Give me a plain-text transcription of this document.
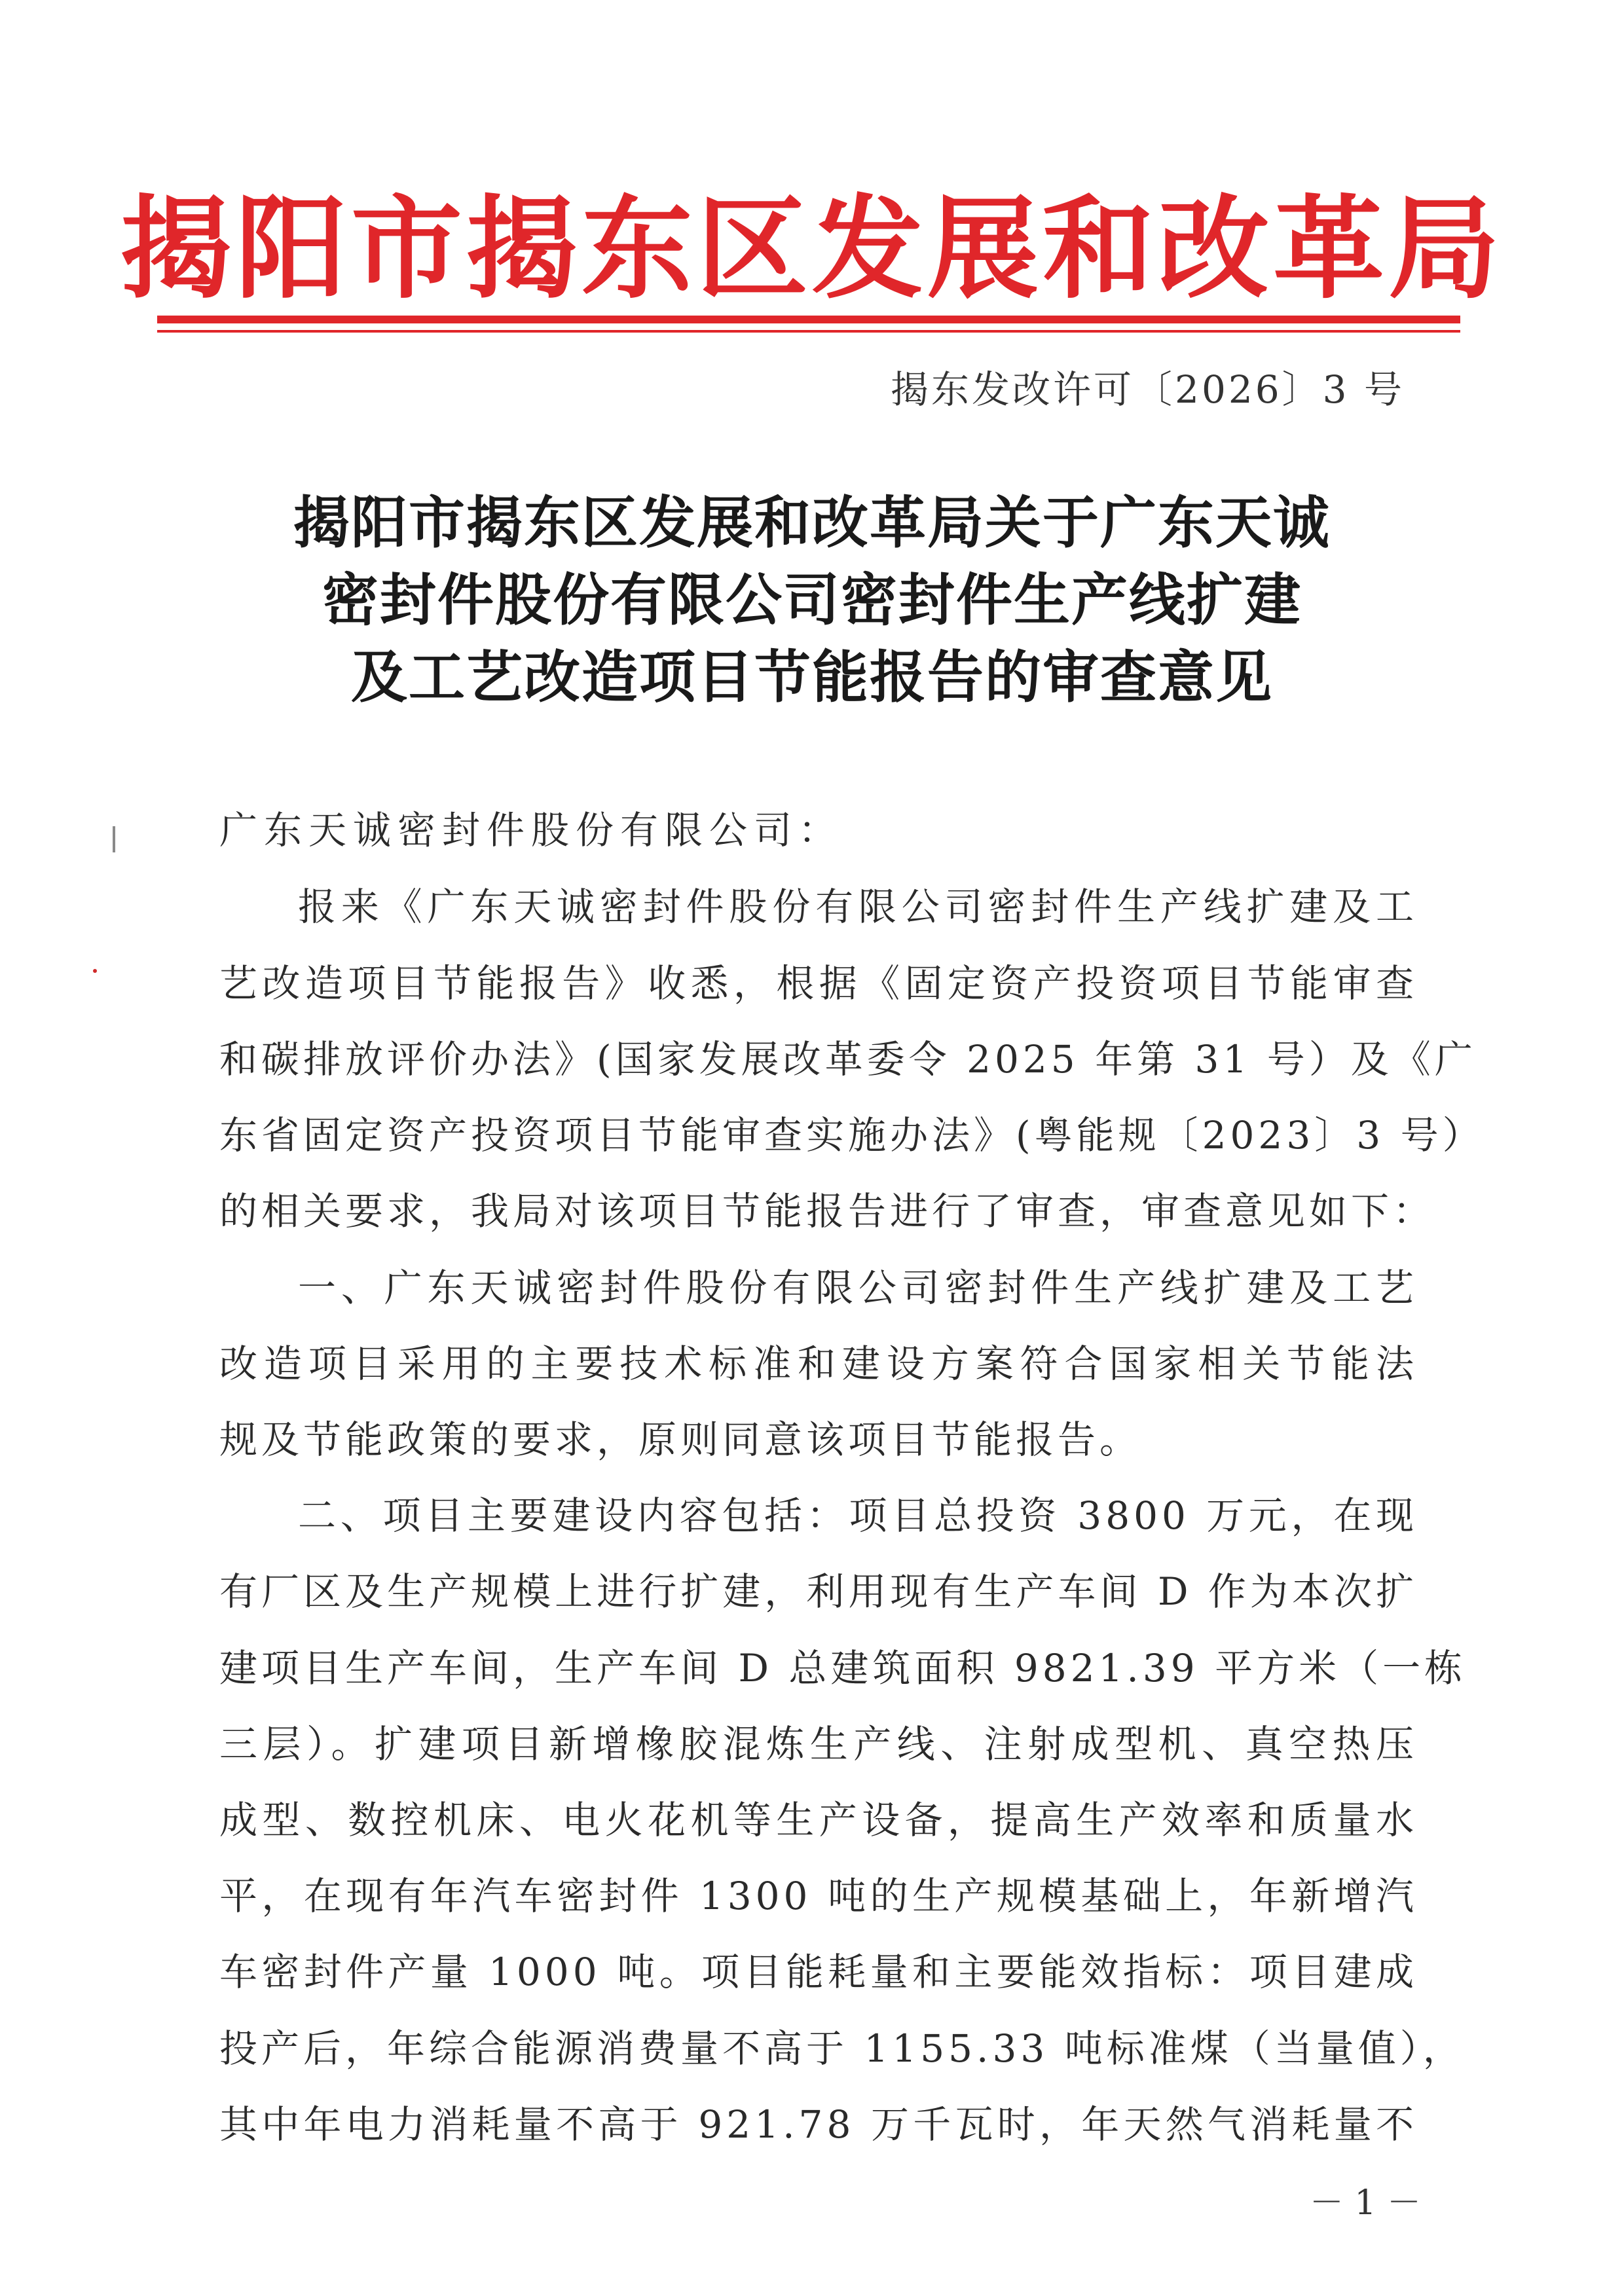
揭阳市揭东区发展和改革局
揭东发改许可〔2026〕3 号
揭阳市揭东区发展和改革局关于广东天诚
密封件股份有限公司密封件生产线扩建
及工艺改造项目节能报告的审查意见
广东天诚密封件股份有限公司：
报来《广东天诚密封件股份有限公司密封件生产线扩建及工
艺改造项目节能报告》收悉，根据《固定资产投资项目节能审查
和碳排放评价办法》(国家发展改革委令 2025 年第 31 号）及《广
东省固定资产投资项目节能审查实施办法》(粤能规〔2023〕3 号）
的相关要求，我局对该项目节能报告进行了审查，审查意见如下：
一、广东天诚密封件股份有限公司密封件生产线扩建及工艺
改造项目采用的主要技术标准和建设方案符合国家相关节能法
规及节能政策的要求，原则同意该项目节能报告。
二、项目主要建设内容包括：项目总投资 3800 万元，在现
有厂区及生产规模上进行扩建，利用现有生产车间 D 作为本次扩
建项目生产车间，生产车间 D 总建筑面积 9821.39 平方米（一栋
三层）。扩建项目新增橡胶混炼生产线、注射成型机、真空热压
成型、数控机床、电火花机等生产设备，提高生产效率和质量水
平，在现有年汽车密封件 1300 吨的生产规模基础上，年新增汽
车密封件产量 1000 吨。项目能耗量和主要能效指标：项目建成
投产后，年综合能源消费量不高于 1155.33 吨标准煤（当量值），
其中年电力消耗量不高于 921.78 万千瓦时，年天然气消耗量不
－ 1 －
